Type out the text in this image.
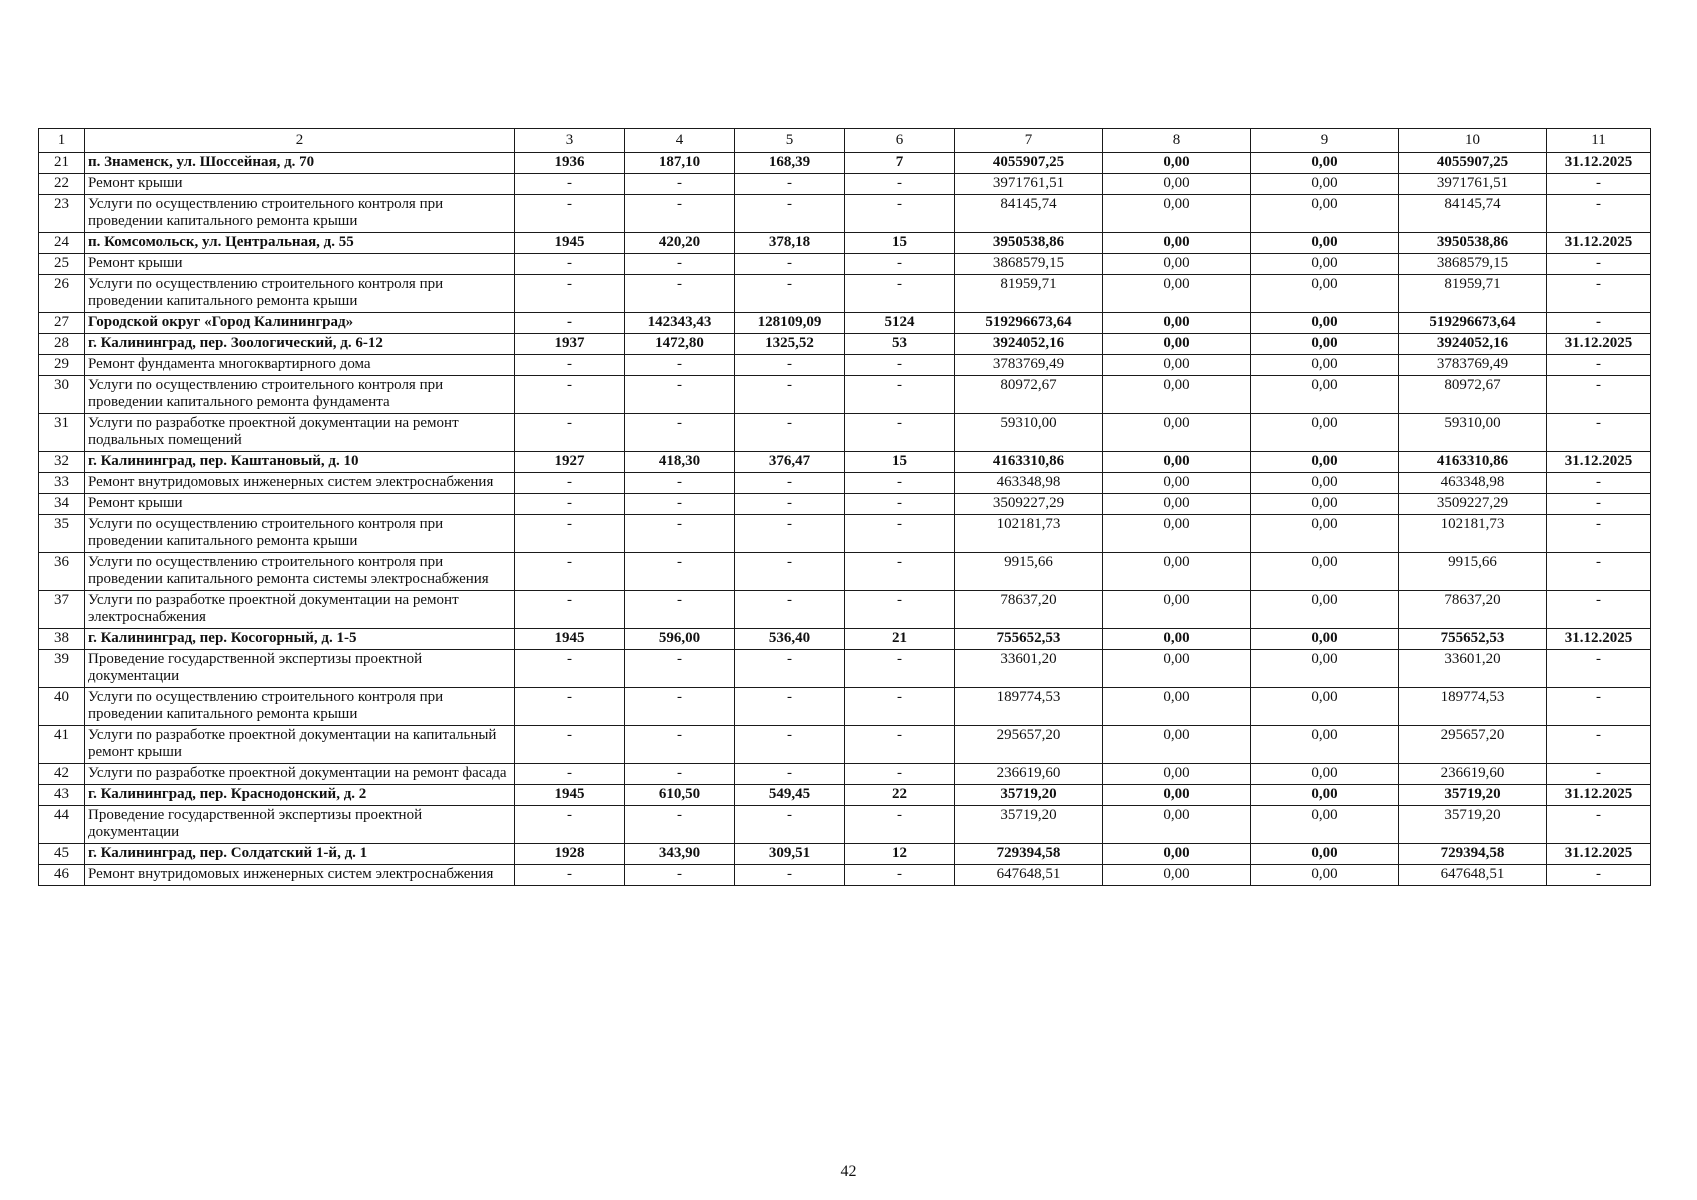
1	2	3	4	5	6	7	8	9	10	11
21	п. Знаменск, ул. Шоссейная, д. 70	1936	187,10	168,39	7	4055907,25	0,00	0,00	4055907,25	31.12.2025
22	Ремонт крыши	-	-	-	-	3971761,51	0,00	0,00	3971761,51	-
23	Услуги по осуществлению строительного контроля при проведении капитального ремонта крыши	-	-	-	-	84145,74	0,00	0,00	84145,74	-
24	п. Комсомольск, ул. Центральная, д. 55	1945	420,20	378,18	15	3950538,86	0,00	0,00	3950538,86	31.12.2025
25	Ремонт крыши	-	-	-	-	3868579,15	0,00	0,00	3868579,15	-
26	Услуги по осуществлению строительного контроля при проведении капитального ремонта крыши	-	-	-	-	81959,71	0,00	0,00	81959,71	-
27	Городской округ «Город Калининград»	-	142343,43	128109,09	5124	519296673,64	0,00	0,00	519296673,64	-
28	г. Калининград, пер. Зоологический, д. 6-12	1937	1472,80	1325,52	53	3924052,16	0,00	0,00	3924052,16	31.12.2025
29	Ремонт фундамента многоквартирного дома	-	-	-	-	3783769,49	0,00	0,00	3783769,49	-
30	Услуги по осуществлению строительного контроля при проведении капитального ремонта фундамента	-	-	-	-	80972,67	0,00	0,00	80972,67	-
31	Услуги по разработке проектной документации на ремонт подвальных помещений	-	-	-	-	59310,00	0,00	0,00	59310,00	-
32	г. Калининград, пер. Каштановый, д. 10	1927	418,30	376,47	15	4163310,86	0,00	0,00	4163310,86	31.12.2025
33	Ремонт внутридомовых инженерных систем электроснабжения	-	-	-	-	463348,98	0,00	0,00	463348,98	-
34	Ремонт крыши	-	-	-	-	3509227,29	0,00	0,00	3509227,29	-
35	Услуги по осуществлению строительного контроля при проведении капитального ремонта крыши	-	-	-	-	102181,73	0,00	0,00	102181,73	-
36	Услуги по осуществлению строительного контроля при проведении капитального ремонта системы электроснабжения	-	-	-	-	9915,66	0,00	0,00	9915,66	-
37	Услуги по разработке проектной документации на ремонт электроснабжения	-	-	-	-	78637,20	0,00	0,00	78637,20	-
38	г. Калининград, пер. Косогорный, д. 1-5	1945	596,00	536,40	21	755652,53	0,00	0,00	755652,53	31.12.2025
39	Проведение государственной экспертизы проектной документации	-	-	-	-	33601,20	0,00	0,00	33601,20	-
40	Услуги по осуществлению строительного контроля при проведении капитального ремонта крыши	-	-	-	-	189774,53	0,00	0,00	189774,53	-
41	Услуги по разработке проектной документации на капитальный ремонт крыши	-	-	-	-	295657,20	0,00	0,00	295657,20	-
42	Услуги по разработке проектной документации на ремонт фасада	-	-	-	-	236619,60	0,00	0,00	236619,60	-
43	г. Калининград, пер. Краснодонский, д. 2	1945	610,50	549,45	22	35719,20	0,00	0,00	35719,20	31.12.2025
44	Проведение государственной экспертизы проектной документации	-	-	-	-	35719,20	0,00	0,00	35719,20	-
45	г. Калининград, пер. Солдатский 1-й, д. 1	1928	343,90	309,51	12	729394,58	0,00	0,00	729394,58	31.12.2025
46	Ремонт внутридомовых инженерных систем электроснабжения	-	-	-	-	647648,51	0,00	0,00	647648,51	-
42
